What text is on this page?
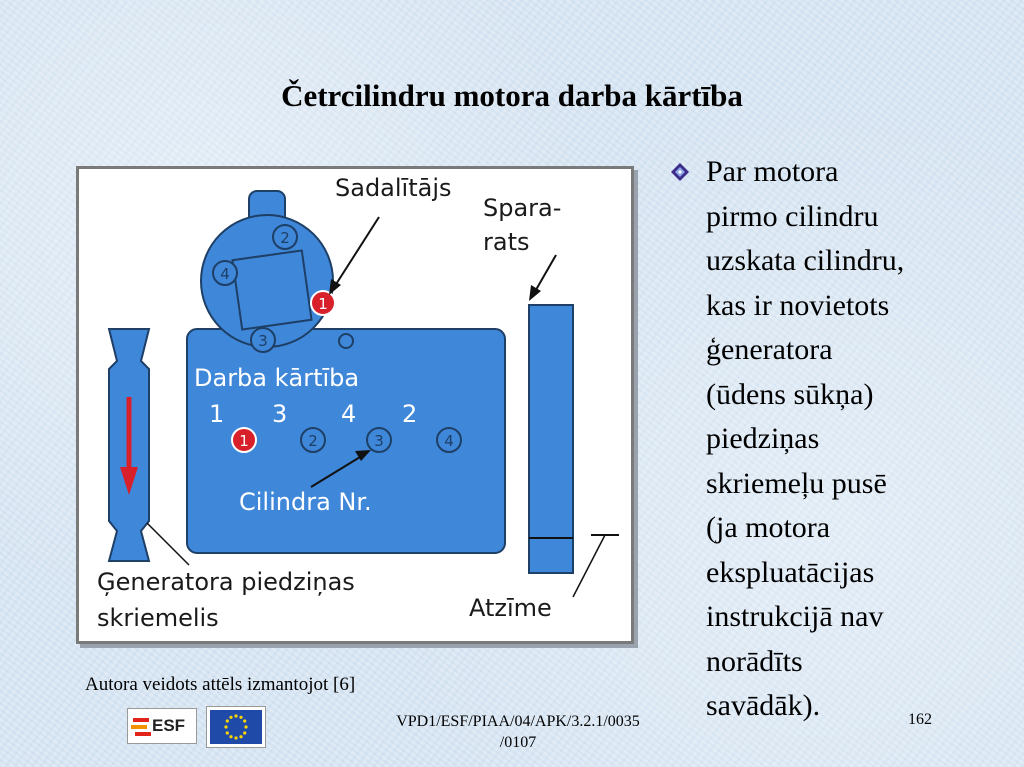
Četrcilindru motora darba kārtība
2
4
1
3
1	2	3	4
Sadalītājs
Spara-
rats
Darba kārtība
1 3 4 2
Cilindra Nr.
Ģeneratora piedziņas
skriemelis	Atzīme
Par motora
pirmo cilindru
uzskata cilindru,
kas ir novietots
ģeneratora
(ūdens sūkņa)
piedziņas
skriemeļu pusē
(ja motora
ekspluatācijas
instrukcijā nav
norādīts
savādāk).
Autora veidots attēls izmantojot [6]
ESF	VPD1/ESF/PIAA/04/APK/3.2.1/0035
/0107
162
